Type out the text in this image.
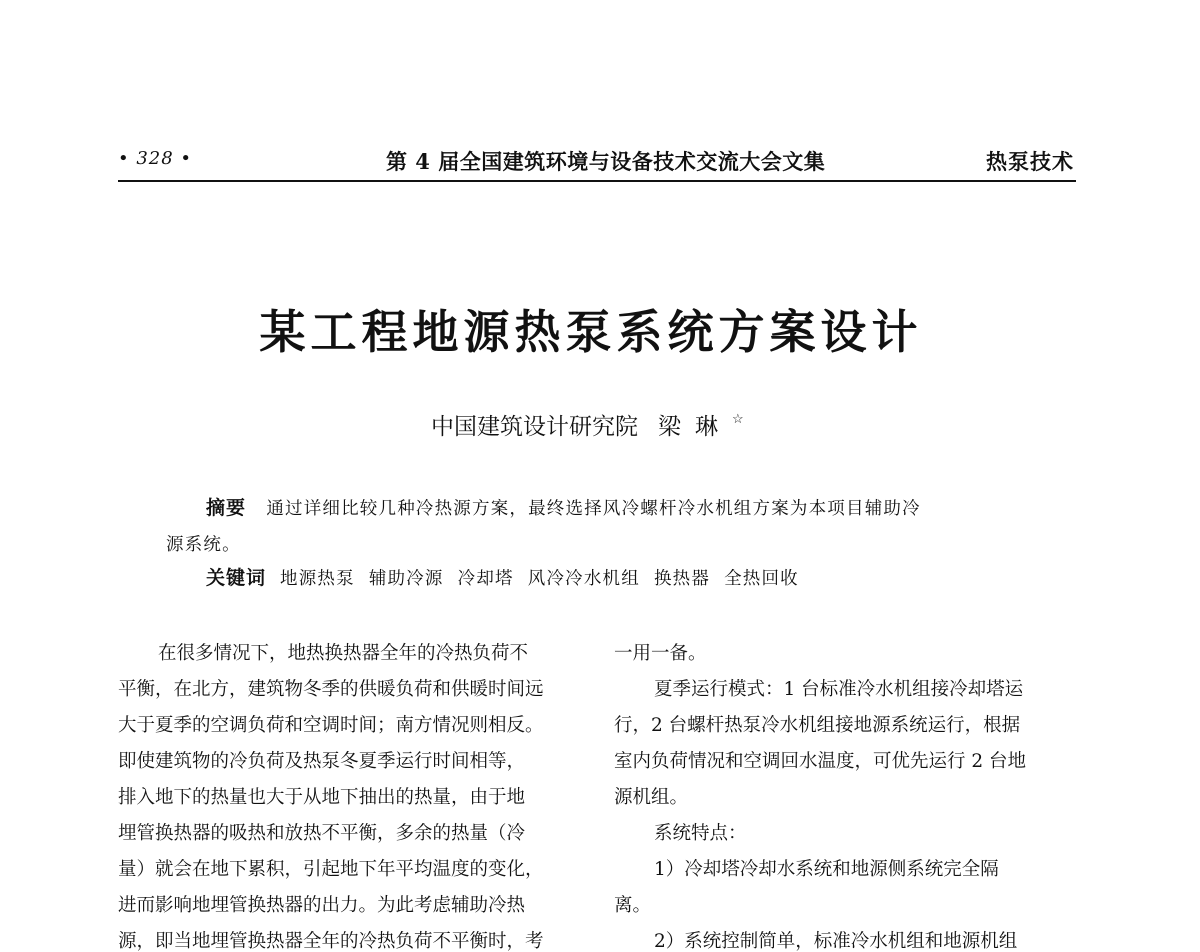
• 328 •	第 4 届全国建筑环境与设备技术交流大会文集	热泵技术
某工程地源热泵系统方案设计
中国建筑设计研究院 梁琳☆
摘要 通过详细比较几种冷热源方案，最终选择风冷螺杆冷水机组方案为本项目辅助冷
源系统。
关键词 地源热泵 辅助冷源 冷却塔 风冷冷水机组 换热器 全热回收

在很多情况下，地热换热器全年的冷热负荷不

平衡，在北方，建筑物冬季的供暖负荷和供暖时间远

大于夏季的空调负荷和空调时间；南方情况则相反。

即使建筑物的冷负荷及热泵冬夏季运行时间相等，

排入地下的热量也大于从地下抽出的热量，由于地

埋管换热器的吸热和放热不平衡，多余的热量（冷

量）就会在地下累积，引起地下年平均温度的变化，

进而影响地埋管换热器的出力。为此考虑辅助冷热

源，即当地埋管换热器全年的冷热负荷不平衡时，考

一用一备。

夏季运行模式：1 台标准冷水机组接冷却塔运

行，2 台螺杆热泵冷水机组接地源系统运行，根据

室内负荷情况和空调回水温度，可优先运行 2 台地

源机组。

系统特点：

1）冷却塔冷却水系统和地源侧系统完全隔

离。

2）系统控制简单，标准冷水机组和地源机组
